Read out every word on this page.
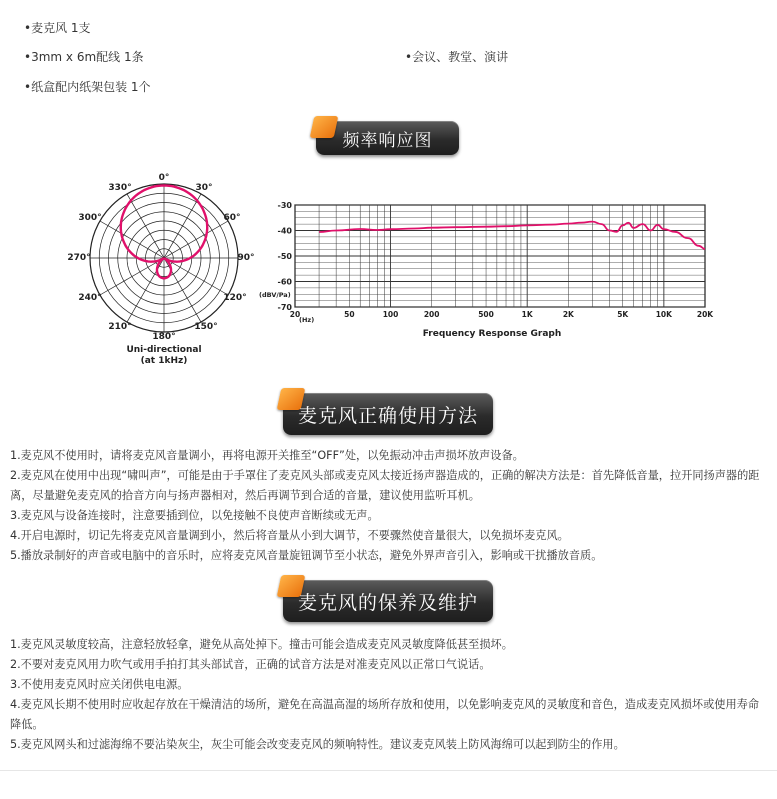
•麦克风 1支
•3mm x 6m配线 1条	•会议、教堂、演讲
•纸盒配内纸架包装 1个
频率响应图
0°
30°
60°
90°
120°
150°
180°
210°
240°
270°
300°
330°
Uni-directional
(at 1kHz)
-30
-40
-50
-60
-70
20	50	100	200	500	1K	2K	5K	10K	20K
(dBV/Pa)
(Hz)
Frequency Response Graph
麦克风正确使用方法

1.麦克风不使用时，请将麦克风音量调小，再将电源开关推至“OFF”处，以免振动冲击声损坏放声设备。

2.麦克风在使用中出现“啸叫声”，可能是由于手罩住了麦克风头部或麦克风太接近扬声器造成的，正确的解决方法是：首先降低音量，拉开同扬声器的距离，尽量避免麦克风的拾音方向与扬声器相对，然后再调节到合适的音量，建议使用监听耳机。

3.麦克风与设备连接时，注意要插到位，以免接触不良使声音断续或无声。

4.开启电源时，切记先将麦克风音量调到小，然后将音量从小到大调节，不要骤然使音量很大，以免损坏麦克风。

5.播放录制好的声音或电脑中的音乐时，应将麦克风音量旋钮调节至小状态，避免外界声音引入，影响或干扰播放音质。

麦克风的保养及维护

1.麦克风灵敏度较高，注意轻放轻拿，避免从高处掉下。撞击可能会造成麦克风灵敏度降低甚至损坏。

2.不要对麦克风用力吹气或用手拍打其头部试音，正确的试音方法是对准麦克风以正常口气说话。

3.不使用麦克风时应关闭供电电源。

4.麦克风长期不使用时应收起存放在干燥清洁的场所，避免在高温高湿的场所存放和使用，以免影响麦克风的灵敏度和音色，造成麦克风损坏或使用寿命降低。

5.麦克风网头和过滤海绵不要沾染灰尘，灰尘可能会改变麦克风的频响特性。建议麦克风装上防风海绵可以起到防尘的作用。
